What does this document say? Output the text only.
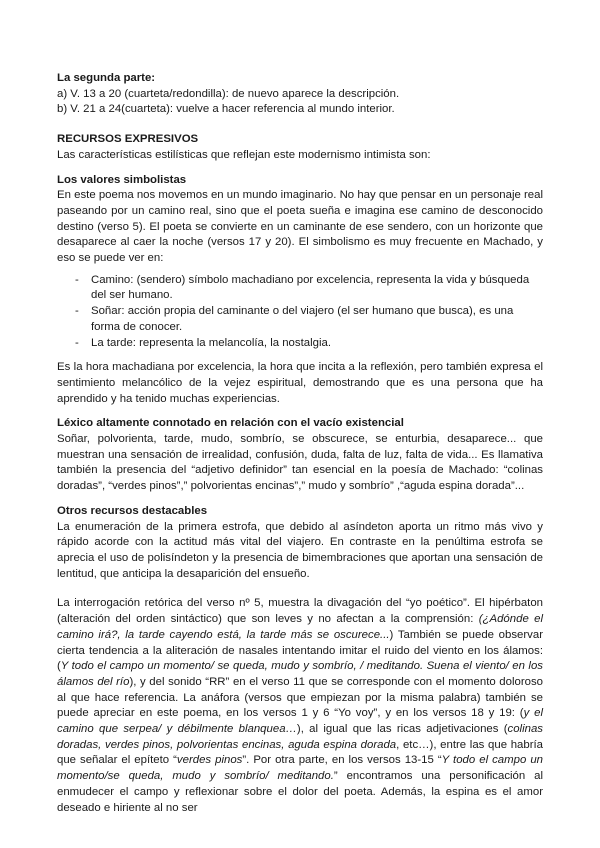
La segunda parte:

a) V. 13 a 20 (cuarteta/redondilla): de nuevo aparece la descripción.

b) V. 21 a 24(cuarteta): vuelve a hacer referencia al mundo interior.

RECURSOS EXPRESIVOS

Las características estilísticas que reflejan este modernismo intimista son:

Los valores simbolistas

En este poema nos movemos en un mundo imaginario. No hay que pensar en un personaje real paseando por un camino real, sino que el poeta sueña e imagina ese camino de desconocido destino (verso 5). El poeta se convierte en un caminante de ese sendero, con un horizonte que desaparece al caer la noche (versos 17 y 20). El simbolismo es muy frecuente en Machado, y eso se puede ver en:

- Camino: (sendero) símbolo machadiano por excelencia, representa la vida y búsqueda del ser humano.
- Soñar: acción propia del caminante o del viajero (el ser humano que busca), es una forma de conocer.
- La tarde: representa la melancolía, la nostalgia.

Es la hora machadiana por excelencia, la hora que incita a la reflexión, pero también expresa el sentimiento melancólico de la vejez espiritual, demostrando que es una persona que ha aprendido y ha tenido muchas experiencias.

Léxico altamente connotado en relación con el vacío existencial

Soñar, polvorienta, tarde, mudo, sombrío, se obscurece, se enturbia, desaparece... que muestran una sensación de irrealidad, confusión, duda, falta de luz, falta de vida... Es llamativa también la presencia del “adjetivo definidor” tan esencial en la poesía de Machado: “colinas doradas”, “verdes pinos”,” polvorientas encinas”,” mudo y sombrío” ,“aguda espina dorada”...

Otros recursos destacables

La enumeración de la primera estrofa, que debido al asíndeton aporta un ritmo más vivo y rápido acorde con la actitud más vital del viajero. En contraste en la penúltima estrofa se aprecia el uso de polisíndeton y la presencia de bimembraciones que aportan una sensación de lentitud, que anticipa la desaparición del ensueño.

La interrogación retórica del verso nº 5, muestra la divagación del “yo poético”. El hipérbaton (alteración del orden sintáctico) que son leves y no afectan a la comprensión: (¿Adónde el camino irá?, la tarde cayendo está, la tarde más se oscurece...) También se puede observar cierta tendencia a la aliteración de nasales intentando imitar el ruido del viento en los álamos: (Y todo el campo un momento/ se queda, mudo y sombrío, / meditando. Suena el viento/ en los álamos del río), y del sonido “RR” en el verso 11 que se corresponde con el momento doloroso al que hace referencia. La anáfora (versos que empiezan por la misma palabra) también se puede apreciar en este poema, en los versos 1 y 6 “Yo voy”, y en los versos 18 y 19: (y el camino que serpea/ y débilmente blanquea…), al igual que las ricas adjetivaciones (colinas doradas, verdes pinos, polvorientas encinas, aguda espina dorada, etc…), entre las que habría que señalar el epíteto “verdes pinos”. Por otra parte, en los versos 13-15 “Y todo el campo un momento/se queda, mudo y sombrío/ meditando.” encontramos una personificación al enmudecer el campo y reflexionar sobre el dolor del poeta. Además, la espina es el amor deseado e hiriente al no ser
